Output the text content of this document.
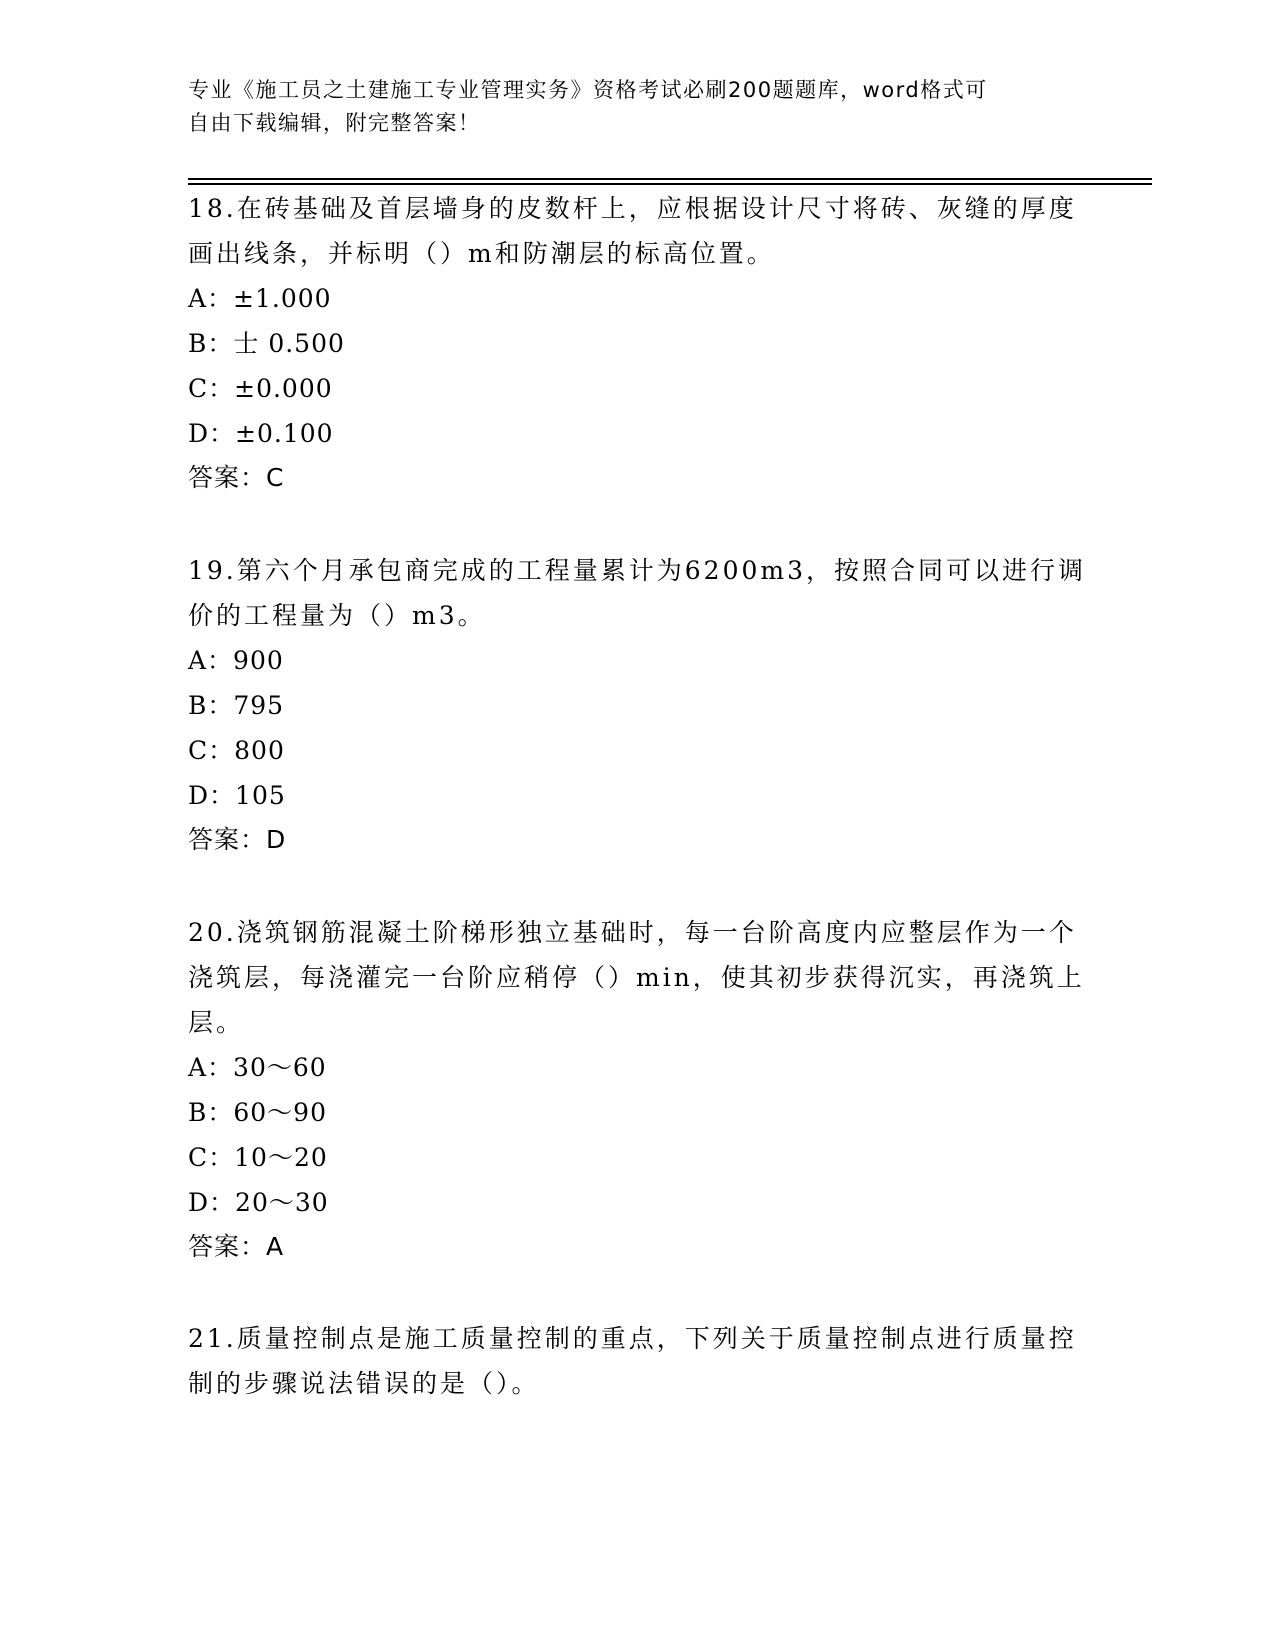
专业《施工员之土建施工专业管理实务》资格考试必刷200题题库，word格式可
自由下载编辑，附完整答案！

18.在砖基础及首层墙身的皮数杆上，应根据设计尺寸将砖、灰缝的厚度画出线条，并标明（）m和防潮层的标高位置。

A：±1.000

B：士 0.500

C：±0.000

D：±0.100

答案：C

19.第六个月承包商完成的工程量累计为6200m3，按照合同可以进行调价的工程量为（）m3。

A：900

B：795

C：800

D：105

答案：D

20.浇筑钢筋混凝土阶梯形独立基础时，每一台阶高度内应整层作为一个浇筑层，每浇灌完一台阶应稍停（）min，使其初步获得沉实，再浇筑上层。

A：30～60

B：60～90

C：10～20

D：20～30

答案：A

21.质量控制点是施工质量控制的重点，下列关于质量控制点进行质量控制的步骤说法错误的是（）。
